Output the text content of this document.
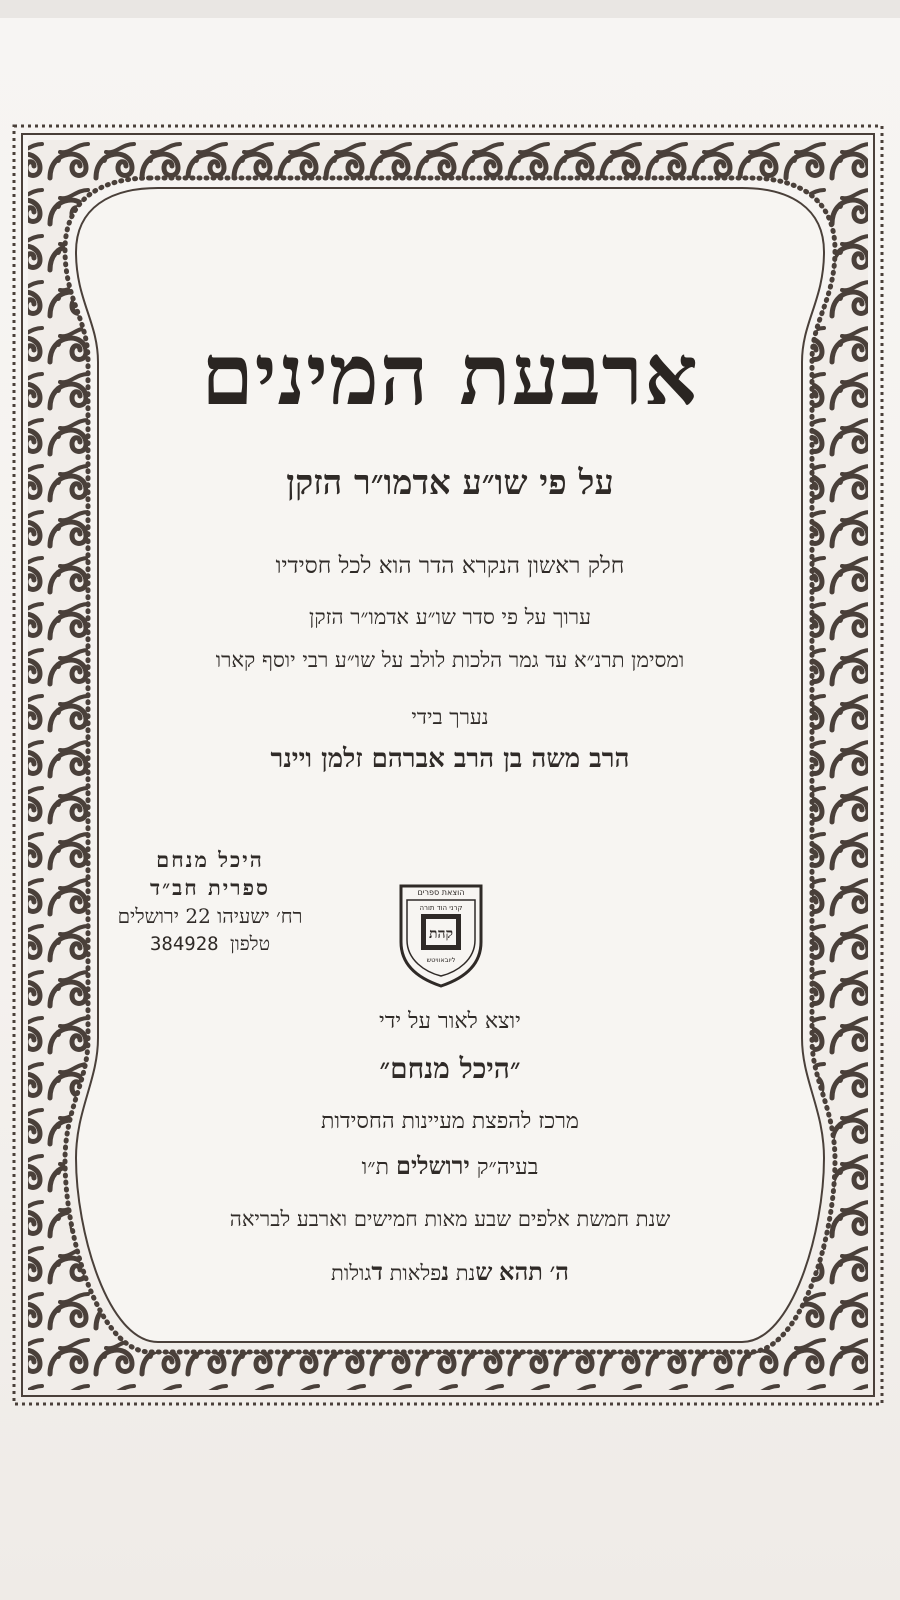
ארבעת המינים
על פי שו״ע אדמו״ר הזקן
חלק ראשון הנקרא הדר הוא לכל חסידיו
ערוך על פי סדר שו״ע אדמו״ר הזקן
ומסימן תרנ״א עד גמר הלכות לולב על שו״ע רבי יוסף קארו
נערך בידי
הרב משה בן הרב אברהם זלמן ויינר
היכל מנחם
ספרית חב״ד
רח׳ ישעיהו 22 ירושלים
טלפון 384928
יוצא לאור על ידי
״היכל מנחם״
מרכז להפצת מעיינות החסידות
בעיה״ק ירושלים ת״ו
שנת חמשת אלפים שבע מאות חמישים וארבע לבריאה
ה׳ תהא שנת נפלאות דגולות
הוצאת ספרים
קרני הוד תורה
קהת
ליובאוויטש
